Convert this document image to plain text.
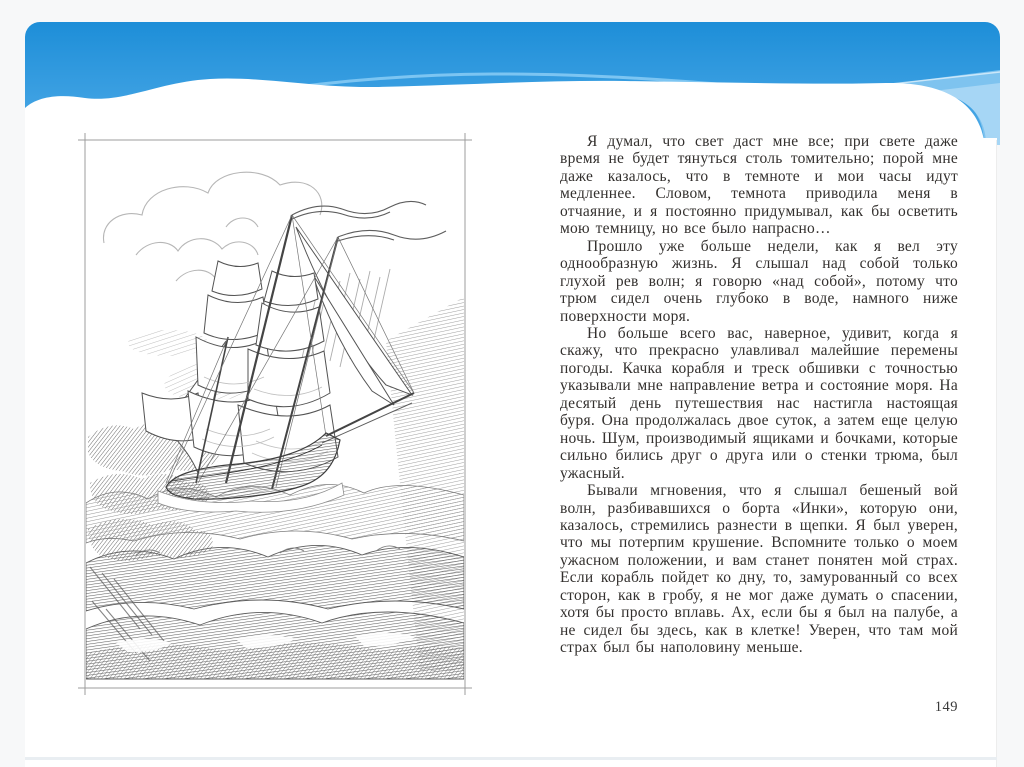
Я думал, что свет даст мне все; при свете даже время не будет тянуться столь томительно; порой мне даже казалось, что в темноте и мои часы идут медленнее. Словом, темнота приводила меня в отчаяние, и я постоянно придумывал, как бы осветить мою темницу, но все было напрасно…

Прошло уже больше недели, как я вел эту однообразную жизнь. Я слышал над собой только глухой рев волн; я говорю «над собой», потому что трюм сидел очень глубоко в воде, намного ниже поверхности моря.

Но больше всего вас, наверное, удивит, когда я скажу, что прекрасно улавливал малейшие перемены погоды. Качка корабля и треск обшивки с точностью указывали мне направление ветра и состояние моря. На десятый день путешествия нас настигла настоящая буря. Она продолжалась двое суток, а затем еще целую ночь. Шум, производимый ящиками и бочками, которые сильно бились друг о друга или о стенки трюма, был ужасный.

Бывали мгновения, что я слышал бешеный вой волн, разбивавшихся о борта «Инки», которую они, казалось, стремились разнести в щепки. Я был уверен, что мы потерпим крушение. Вспомните только о моем ужасном положении, и вам станет понятен мой страх. Если корабль пойдет ко дну, то, замурованный со всех сторон, как в гробу, я не мог даже думать о спасении, хотя бы просто вплавь. Ах, если бы я был на палубе, а не сидел бы здесь, как в клетке! Уверен, что там мой страх был бы наполовину меньше.

149
